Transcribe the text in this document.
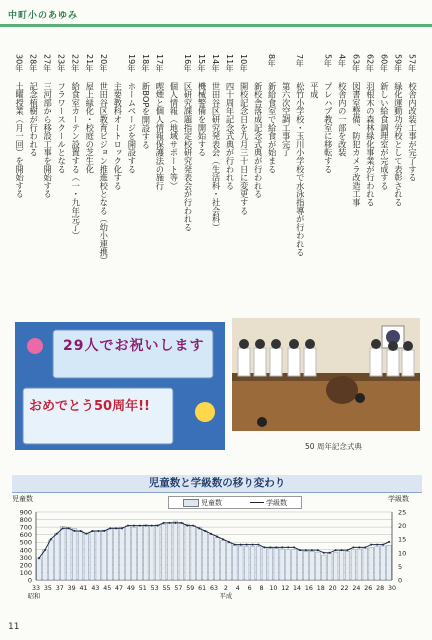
中町小のあゆみ
57年
校舎内改装工事が完了する
59年
緑化運動功労校として表彰される
60年
新しい給食調理室が完成する
62年
羽根木の森林緑化事業が行われる
63年
図書室整備、防犯カメラ改造工事
4年
校舎内の一部を改装
5年
プレハブ教室に移転する
平成
7年
松竹小学校・玉川小学校で水泳指導が行われる
第六次空調工事完了
8年
新給食室で給食が始まる
新校舎落成記念式典が行われる
10年
開校記念日を九月三十日に変更する
11年
四十周年記念式典が行われる
14年
世田谷区研究発表会（生活科・社会科）
15年
機械警備を開始する
16年
区研究課題指定校研究発表会が行われる
個人情報（地域サポート等）
17年
喫煙と個人情報保護法の施行
18年
新BOPを開設する
19年
ホームページを開設する
主要教科オートロック化する
20年
世田谷区教育ビジョン推進校となる（幼小連携）
21年
屋上緑化・校庭の芝生化
22年
給食室カーテン設置する（一・九年完了）
23年
フラワースクールとなる
27年
三河部から移設工事を開始する
28年
記念植樹が行われる
30年
土曜授業（月一回）を開始する
29人でお祝いします
おめでとう50周年!!
50 周年記念式典
児童数と学級数の移り変わり
児童数	学級数
児童数	学級数
900
800
700
600
500
400
300
200
100
0
25
20
15
10
5
0
33 35 37 39 41 43 45 47 49 51 53 55 57 59 61 63 2 4 6 8 10 12 14 16 18 20 22 24 26 28 30
昭和	平成
11
